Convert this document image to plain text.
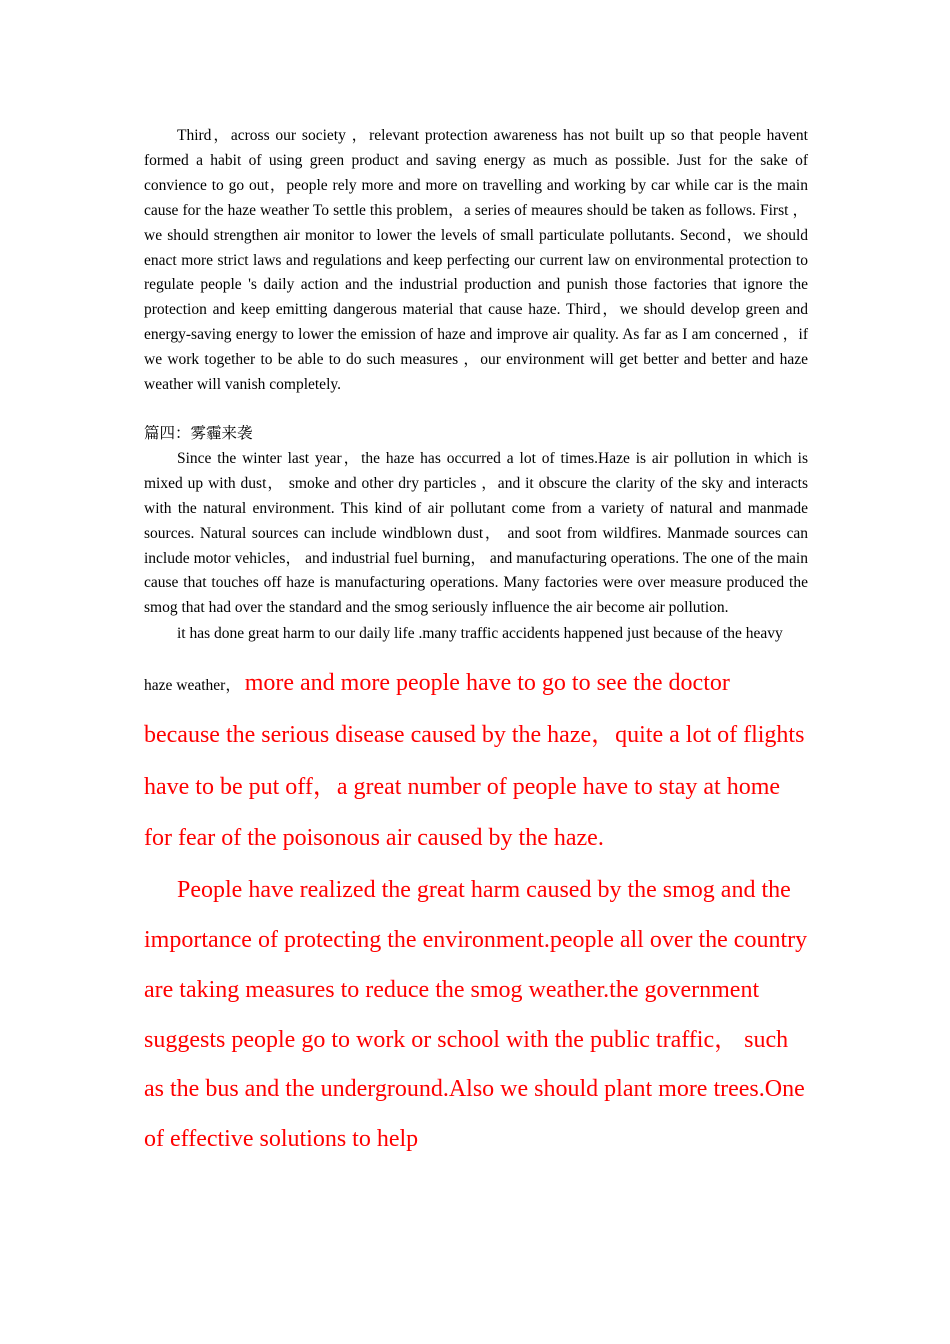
Third，across our society ，relevant protection awareness has not built up so that people havent formed a habit of using green product and saving energy as much as possible. Just for the sake of convience to go out，people rely more and more on travelling and working by car while car is the main cause for the haze weather To settle this problem，a series of meaures should be taken as follows. First ，we should strengthen air monitor to lower the levels of small particulate pollutants. Second，we should enact more strict laws and regulations and keep perfecting our current law on environmental protection to regulate people 's daily action and the industrial production and punish those factories that ignore the protection and keep emitting dangerous material that cause haze. Third，we should develop green and energy-saving energy to lower the emission of haze and improve air quality. As far as I am concerned ，if we work together to be able to do such measures ，our environment will get better and better and haze weather will vanish completely.

篇四：雾霾来袭

Since the winter last year，the haze has occurred a lot of times.Haze is air pollution in which is mixed up with dust， smoke and other dry particles ，and it obscure the clarity of the sky and interacts with the natural environment. This kind of air pollutant come from a variety of natural and manmade sources. Natural sources can include windblown dust， and soot from wildfires. Manmade sources can include motor vehicles， and industrial fuel burning， and manufacturing operations. The one of the main cause that touches off haze is manufacturing operations. Many factories were over measure produced the smog that had over the standard and the smog seriously influence the air become air pollution.

it has done great harm to our daily life .many traffic accidents happened just because of the heavy haze weather， more and more people have to go to see the doctor because the serious disease caused by the haze，quite a lot of flights have to be put off，a great number of people have to stay at home for fear of the poisonous air caused by the haze.

People have realized the great harm caused by the smog and the importance of protecting the environment.people all over the country are taking measures to reduce the smog weather.the government suggests people go to work or school with the public traffic， such as the bus and the underground.Also we should plant more trees.One of effective solutions to help
